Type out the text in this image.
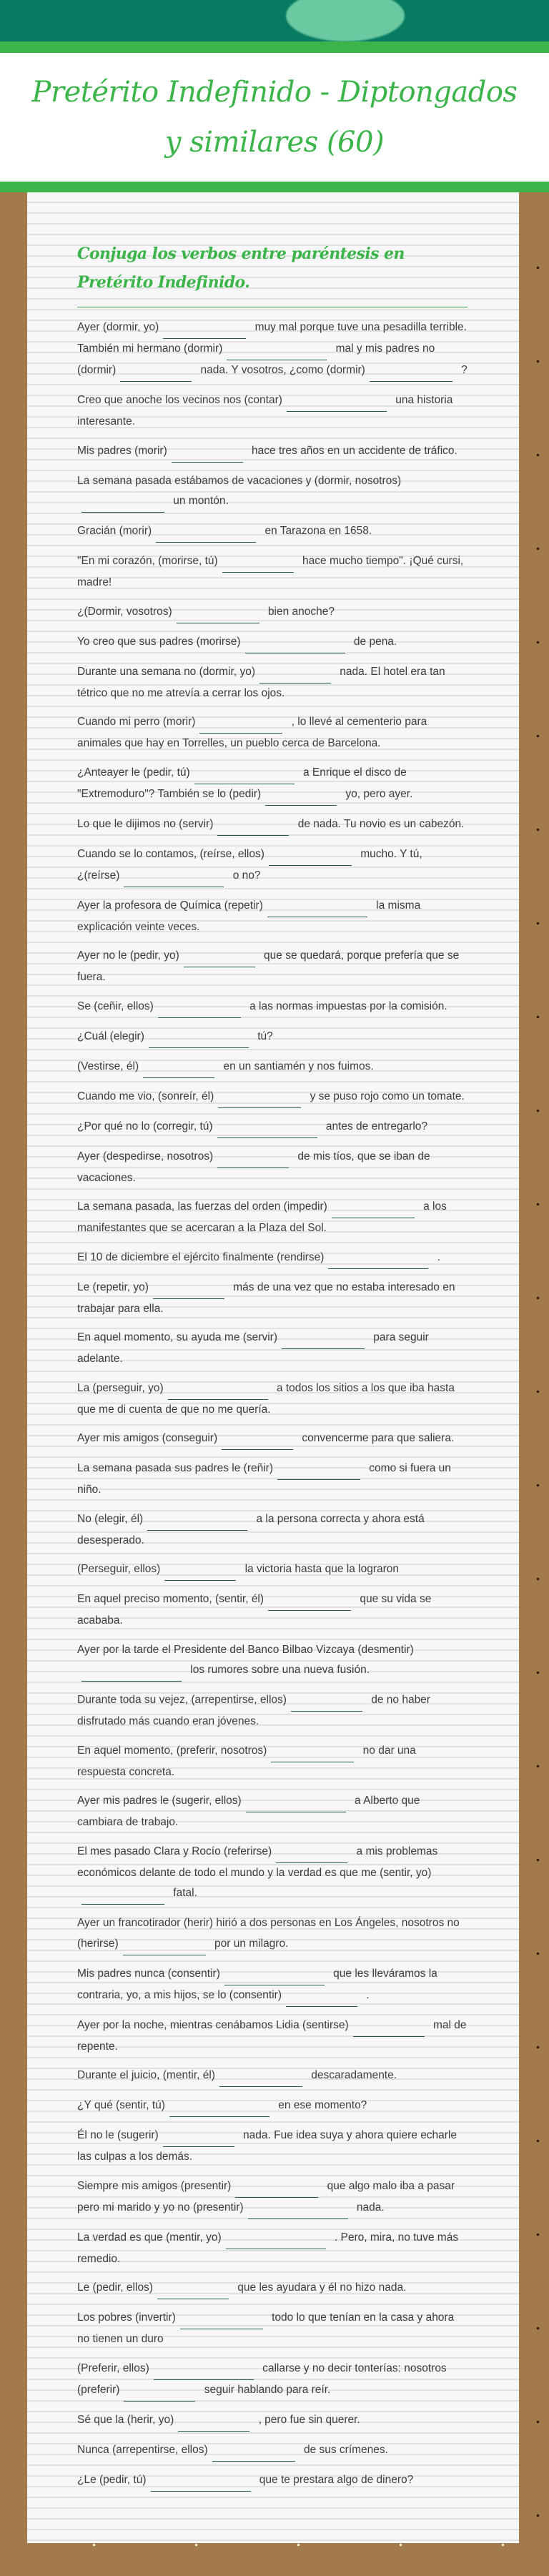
Pretérito Indefinido - Diptongados y similares (60)
Conjuga los verbos entre paréntesis en Pretérito Indefinido.

Ayer (dormir, yo)	muy mal porque tuve una pesadilla terrible. También mi hermano (dormir)	mal y mis padres no (dormir)	nada. Y vosotros, ¿como (dormir)	?

Creo que anoche los vecinos nos (contar)	una historia interesante.

Mis padres (morir)	hace tres años en un accidente de tráfico.

La semana pasada estábamos de vacaciones y (dormir, nosotros) un montón.

Gracián (morir)	en Tarazona en 1658.

"En mi corazón, (morirse, tú)	hace mucho tiempo". ¡Qué cursi, madre!

¿(Dormir, vosotros)	bien anoche?

Yo creo que sus padres (morirse)	de pena.

Durante una semana no (dormir, yo)	nada. El hotel era tan tétrico que no me atrevía a cerrar los ojos.

Cuando mi perro (morir)	, lo llevé al cementerio para animales que hay en Torrelles, un pueblo cerca de Barcelona.

¿Anteayer le (pedir, tú)	a Enrique el disco de "Extremoduro"? También se lo (pedir)	yo, pero ayer.

Lo que le dijimos no (servir)	de nada. Tu novio es un cabezón.

Cuando se lo contamos, (reírse, ellos)	mucho. Y tú, ¿(reírse)	o no?

Ayer la profesora de Química (repetir)	la misma explicación veinte veces.

Ayer no le (pedir, yo)	que se quedará, porque prefería que se fuera.

Se (ceñir, ellos)	a las normas impuestas por la comisión.

¿Cuál (elegir)	tú?

(Vestirse, él)	en un santiamén y nos fuimos.

Cuando me vio, (sonreír, él)	y se puso rojo como un tomate.

¿Por qué no lo (corregir, tú)	antes de entregarlo?

Ayer (despedirse, nosotros)	de mis tíos, que se iban de vacaciones.

La semana pasada, las fuerzas del orden (impedir)	a los manifestantes que se acercaran a la Plaza del Sol.

El 10 de diciembre el ejército finalmente (rendirse)	.

Le (repetir, yo)	más de una vez que no estaba interesado en trabajar para ella.

En aquel momento, su ayuda me (servir)	para seguir adelante.

La (perseguir, yo)	a todos los sitios a los que iba hasta que me di cuenta de que no me quería.

Ayer mis amigos (conseguir)	convencerme para que saliera.

La semana pasada sus padres le (reñir)	como si fuera un niño.

No (elegir, él)	a la persona correcta y ahora está desesperado.

(Perseguir, ellos)	la victoria hasta que la lograron

En aquel preciso momento, (sentir, él)	que su vida se acababa.

Ayer por la tarde el Presidente del Banco Bilbao Vizcaya (desmentir) los rumores sobre una nueva fusión.

Durante toda su vejez, (arrepentirse, ellos)	de no haber disfrutado más cuando eran jóvenes.

En aquel momento, (preferir, nosotros)	no dar una respuesta concreta.

Ayer mis padres le (sugerir, ellos)	a Alberto que cambiara de trabajo.

El mes pasado Clara y Rocío (referirse)	a mis problemas económicos delante de todo el mundo y la verdad es que me (sentir, yo) fatal.

Ayer un francotirador (herir) hirió a dos personas en Los Ángeles, nosotros no (herirse)	por un milagro.

Mis padres nunca (consentir)	que les lleváramos la contraria, yo, a mis hijos, se lo (consentir)	.

Ayer por la noche, mientras cenábamos Lidia (sentirse)	mal de repente.

Durante el juicio, (mentir, él)	descaradamente.

¿Y qué (sentir, tú)	en ese momento?

Él no le (sugerir)	nada. Fue idea suya y ahora quiere echarle las culpas a los demás.

Siempre mis amigos (presentir)	que algo malo iba a pasar pero mi marido y yo no (presentir)	nada.

La verdad es que (mentir, yo)	. Pero, mira, no tuve más remedio.

Le (pedir, ellos)	que les ayudara y él no hizo nada.

Los pobres (invertir)	todo lo que tenían en la casa y ahora no tienen un duro

(Preferir, ellos)	callarse y no decir tonterías: nosotros (preferir)	seguir hablando para reír.

Sé que la (herir, yo)	, pero fue sin querer.

Nunca (arrepentirse, ellos)	de sus crímenes.

¿Le (pedir, tú)	que te prestara algo de dinero?
